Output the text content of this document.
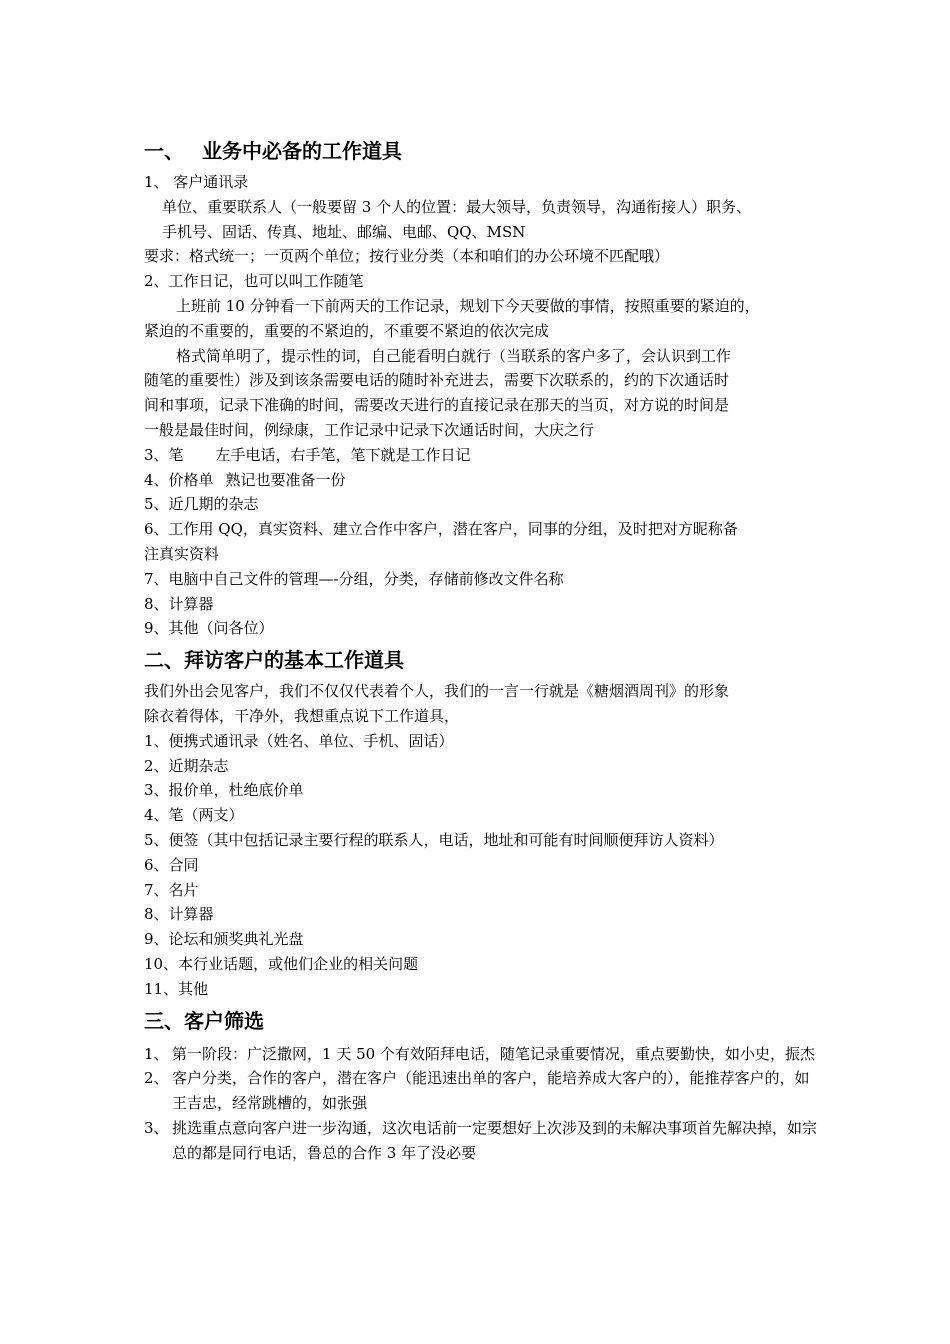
一、 业务中必备的工作道具

1、 客户通讯录

单位、重要联系人（一般要留 3 个人的位置：最大领导，负责领导，沟通衔接人）职务、

手机号、固话、传真、地址、邮编、电邮、QQ、MSN

要求：格式统一；一页两个单位；按行业分类（本和咱们的办公环境不匹配哦）

2、工作日记，也可以叫工作随笔

上班前 10 分钟看一下前两天的工作记录，规划下今天要做的事情，按照重要的紧迫的，

紧迫的不重要的，重要的不紧迫的，不重要不紧迫的依次完成

格式简单明了，提示性的词，自己能看明白就行（当联系的客户多了，会认识到工作

随笔的重要性）涉及到该条需要电话的随时补充进去，需要下次联系的，约的下次通话时

间和事项，记录下准确的时间，需要改天进行的直接记录在那天的当页，对方说的时间是

一般是最佳时间，例绿康，工作记录中记录下次通话时间，大庆之行

3、笔 左手电话，右手笔，笔下就是工作日记

4、价格单 熟记也要准备一份

5、近几期的杂志

6、工作用 QQ，真实资料、建立合作中客户，潜在客户，同事的分组，及时把对方昵称备

注真实资料

7、电脑中自己文件的管理—-分组，分类，存储前修改文件名称

8、计算器

9、其他（问各位）

二、拜访客户的基本工作道具

我们外出会见客户，我们不仅仅代表着个人，我们的一言一行就是《糖烟酒周刊》的形象

除衣着得体，干净外，我想重点说下工作道具，

1、便携式通讯录（姓名、单位、手机、固话）

2、近期杂志

3、报价单，杜绝底价单

4、笔（两支）

5、便签（其中包括记录主要行程的联系人，电话，地址和可能有时间顺便拜访人资料）

6、合同

7、名片

8、计算器

9、论坛和颁奖典礼光盘

10、本行业话题，或他们企业的相关问题

11、其他

三、客户筛选
1、 第一阶段：广泛撒网，1 天 50 个有效陌拜电话，随笔记录重要情况，重点要勤快，如小史，振杰
2、 客户分类，合作的客户，潜在客户（能迅速出单的客户，能培养成大客户的），能推荐客户的，如王吉忠，经常跳槽的，如张强
3、 挑选重点意向客户进一步沟通，这次电话前一定要想好上次涉及到的未解决事项首先解决掉，如宗总的都是同行电话，鲁总的合作 3 年了没必要
